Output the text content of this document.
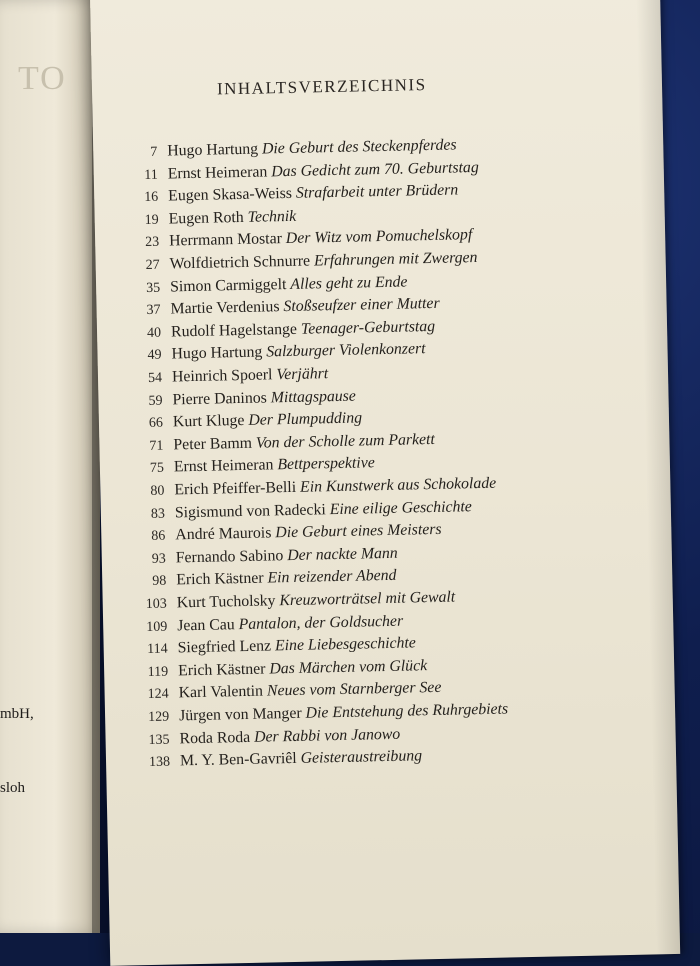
TO
mbH,
sloh
INHALTSVERZEICHNIS
7 Hugo Hartung Die Geburt des Steckenpferdes
11 Ernst Heimeran Das Gedicht zum 70. Geburtstag
16 Eugen Skasa-Weiss Strafarbeit unter Brüdern
19 Eugen Roth Technik
23 Herrmann Mostar Der Witz vom Pomuchelskopf
27 Wolfdietrich Schnurre Erfahrungen mit Zwergen
35 Simon Carmiggelt Alles geht zu Ende
37 Martie Verdenius Stoßseufzer einer Mutter
40 Rudolf Hagelstange Teenager-Geburtstag
49 Hugo Hartung Salzburger Violenkonzert
54 Heinrich Spoerl Verjährt
59 Pierre Daninos Mittagspause
66 Kurt Kluge Der Plumpudding
71 Peter Bamm Von der Scholle zum Parkett
75 Ernst Heimeran Bettperspektive
80 Erich Pfeiffer-Belli Ein Kunstwerk aus Schokolade
83 Sigismund von Radecki Eine eilige Geschichte
86 André Maurois Die Geburt eines Meisters
93 Fernando Sabino Der nackte Mann
98 Erich Kästner Ein reizender Abend
103 Kurt Tucholsky Kreuzworträtsel mit Gewalt
109 Jean Cau Pantalon, der Goldsucher
114 Siegfried Lenz Eine Liebesgeschichte
119 Erich Kästner Das Märchen vom Glück
124 Karl Valentin Neues vom Starnberger See
129 Jürgen von Manger Die Entstehung des Ruhrgebiets
135 Roda Roda Der Rabbi von Janowo
138 M. Y. Ben-Gavriêl Geisteraustreibung
